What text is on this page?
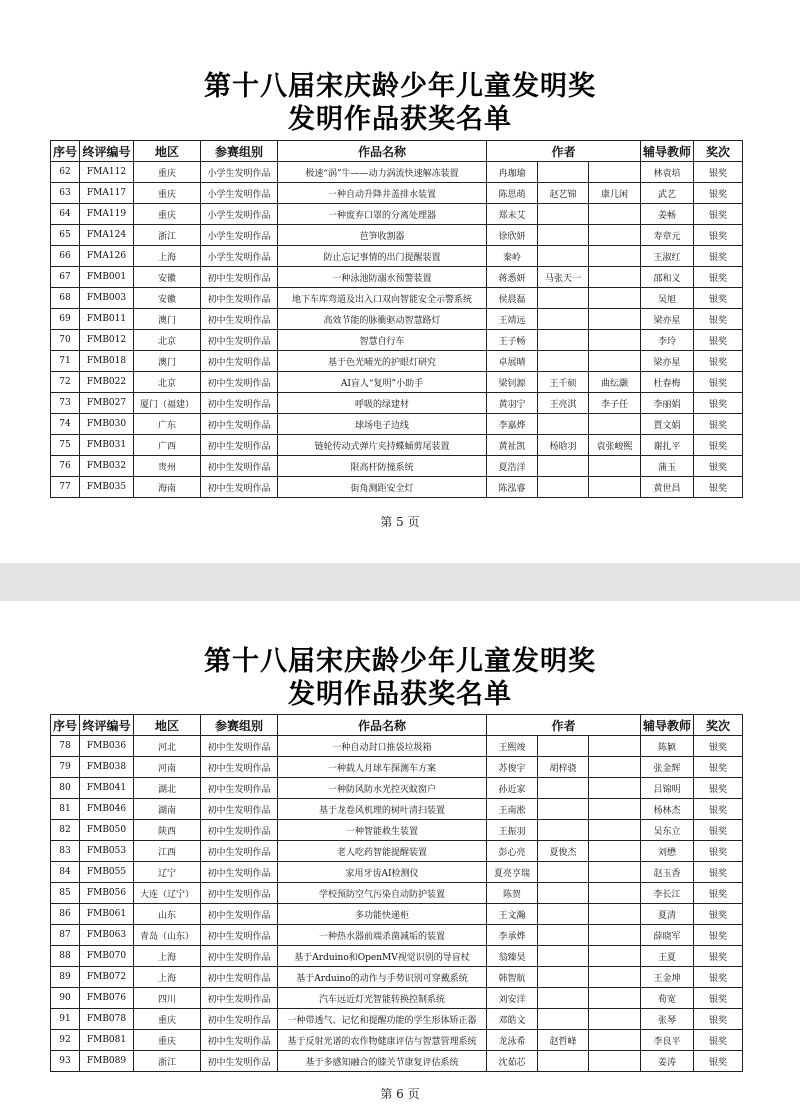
第十八届宋庆龄少年儿童发明奖
发明作品获奖名单
序号	终评编号	地区	参赛组别	作品名称	作者			辅导教师	奖次
62	FMA112	重庆	小学生发明作品	极速“涡”牛——动力涡流快速解冻装置	冉珈瑜			林袁培	银奖
63	FMA117	重庆	小学生发明作品	一种自动升降井盖排水装置	陈思萌	赵艺锦	康几闲	武艺	银奖
64	FMA119	重庆	小学生发明作品	一种废弃口罩的分离处理器	郑未艾			姜畅	银奖
65	FMA124	浙江	小学生发明作品	芭笋收割器	徐欣妍			寿章元	银奖
66	FMA126	上海	小学生发明作品	防止忘记事情的出门提醒装置	秦岭			王淑红	银奖
67	FMB001	安徽	初中生发明作品	一种泳池防溺水预警装置	蒋悉妍	马张天一		邵和义	银奖
68	FMB003	安徽	初中生发明作品	地下车库弯道及出入口双向智能安全示警系统	侯晨磊			吴旭	银奖
69	FMB011	澳门	初中生发明作品	高效节能的脉衝驱动智慧路灯	王靖远			梁亦星	银奖
70	FMB012	北京	初中生发明作品	智慧自行车	王子畅			李玲	银奖
71	FMB018	澳门	初中生发明作品	基于色光哺光的护眼灯研究	卓展晴			梁亦星	银奖
72	FMB022	北京	初中生发明作品	AI盲人“复明”小助手	梁钊源	王千硕	曲纭灏	杜春梅	银奖
73	FMB027	厦门（福建）	初中生发明作品	呼吸的绿建材	黄羽宁	王亮淇	李子任	李丽娟	银奖
74	FMB030	广东	初中生发明作品	球场电子边线	李嘉烨			賈文娟	银奖
75	FMB031	广西	初中生发明作品	链轮传动式弹片夹持蝶蛹剪尾装置	黄祉凯	杨晗羽	袁张峻熙	谢扎平	银奖
76	FMB032	贵州	初中生发明作品	限高杆防撞系统	夏浩洋			蒲玉	银奖
77	FMB035	海南	初中生发明作品	街角测距安全灯	陈泓睿			黄世昌	银奖
第 5 页
第十八届宋庆龄少年儿童发明奖
发明作品获奖名单
序号	终评编号	地区	参赛组别	作品名称	作者			辅导教师	奖次
78	FMB036	河北	初中生发明作品	一种自动封口推袋垃圾箱	王熙竣			陈颖	银奖
79	FMB038	河南	初中生发明作品	一种载人月球车探测车方案	苏俊宇	胡梓骁		张金辉	银奖
80	FMB041	湖北	初中生发明作品	一种防风防水光控灭蚊窗户	孙近家			吕锦明	银奖
81	FMB046	湖南	初中生发明作品	基于龙卷风机理的树叶清扫装置	王南淞			杨林杰	银奖
82	FMB050	陕西	初中生发明作品	一种智能救生装置	王振羽			吴东立	银奖
83	FMB053	江西	初中生发明作品	老人吃药智能提醒装置	彭心亮	夏俊杰		刘懋	银奖
84	FMB055	辽宁	初中生发明作品	家用牙齿AI检测仪	夏亮亨瑞			赵玉香	银奖
85	FMB056	大连（辽宁）	初中生发明作品	学校预防空气污染自动防护装置	陈贺			李长江	银奖
86	FMB061	山东	初中生发明作品	多功能快递柜	王文瀚			夏清	银奖
87	FMB063	青岛（山东）	初中生发明作品	一种热水器前端杀菌减垢的装置	李承烨			薛晓军	银奖
88	FMB070	上海	初中生发明作品	基于Arduino和OpenMV视觉识别的导盲杖	翁臻昊			王夏	银奖
89	FMB072	上海	初中生发明作品	基于Arduino的动作与手势识别可穿戴系统	韩智航			王金坤	银奖
90	FMB076	四川	初中生发明作品	汽车远近灯光智能转换控制系统	刘安洋			荀宽	银奖
91	FMB078	重庆	初中生发明作品	一种带透气、记忆和提醒功能的学生形体矫正器	邓皓文			张琴	银奖
92	FMB081	重庆	初中生发明作品	基于反射光谱的农作物健康评估与智慧管理系统	龙泳希	赵哲峰		李良平	银奖
93	FMB089	浙江	初中生发明作品	基于多感知融合的膝关节康复评估系统	沈茹芯			姜涛	银奖
第 6 页
